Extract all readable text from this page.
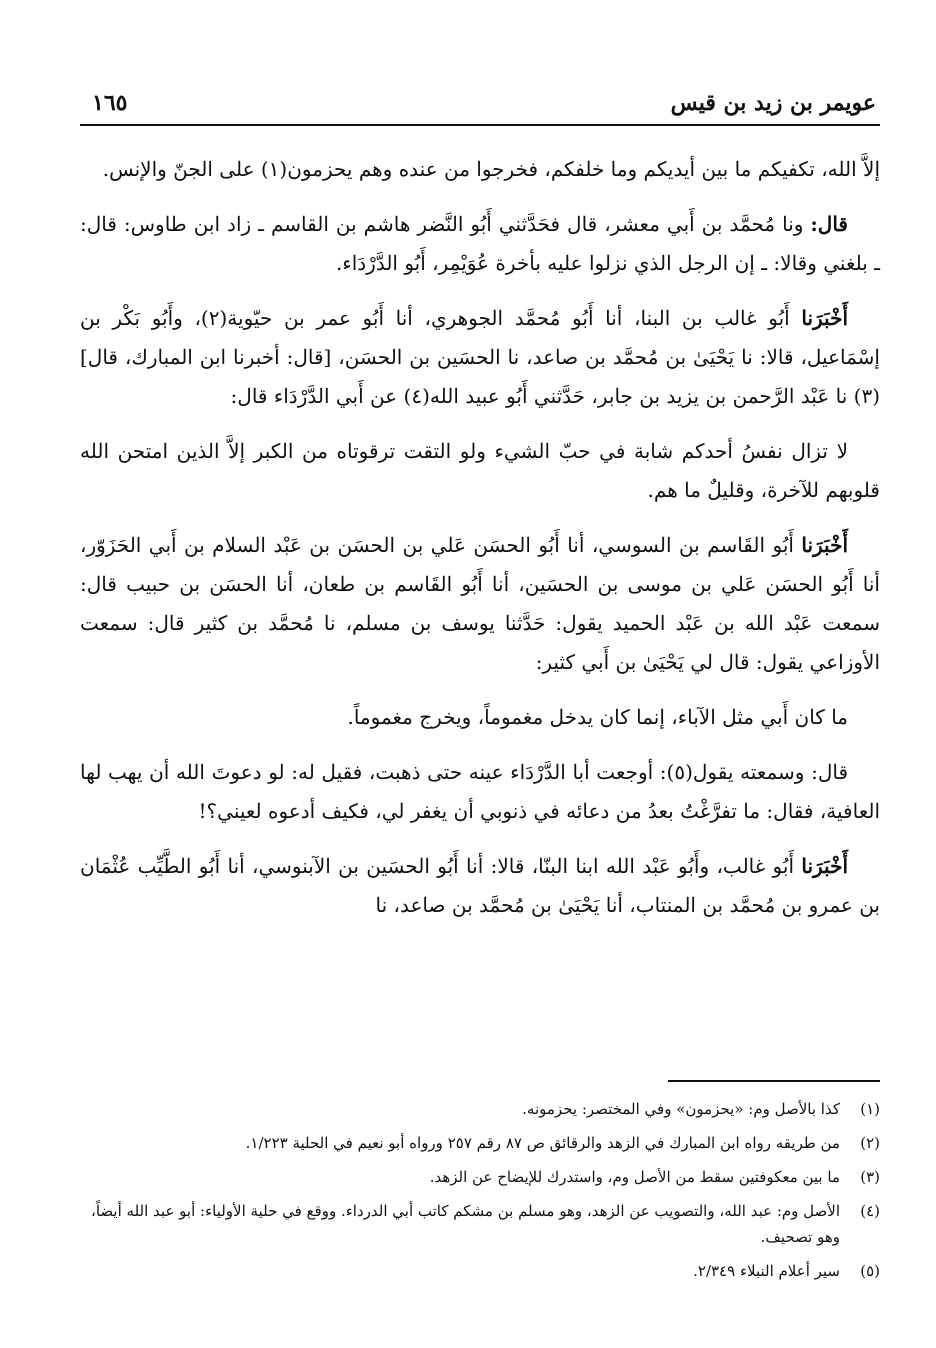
عويمر بن زيد بن قيس
١٦٥

إلاَّ الله، تكفيكم ما بين أيديكم وما خلفكم، فخرجوا من عنده وهم يحزمون(١) على الجنّ والإنس.

قال: ونا مُحمَّد بن أَبي معشر، قال فحَدَّثني أَبُو النَّضر هاشم بن القاسم ـ زاد ابن طاوس: قال: ـ بلغني وقالا: ـ إن الرجل الذي نزلوا عليه بأخرة عُوَيْمِر، أَبُو الدَّرْدَاء.

أَخْبَرَنا أَبُو غالب بن البنا، أنا أَبُو مُحمَّد الجوهري، أنا أَبُو عمر بن حيّوية(٢)، وأَبُو بَكْر بن إسْمَاعيل، قالا: نا يَحْيَىٰ بن مُحمَّد بن صاعد، نا الحسَين بن الحسَن، [قال: أخبرنا ابن المبارك، قال](٣) نا عَبْد الرَّحمن بن يزيد بن جابر، حَدَّثني أَبُو عبيد الله(٤) عن أَبي الدَّرْدَاء قال:

لا تزال نفسُ أحدكم شابة في حبّ الشيء ولو التقت ترقوتاه من الكبر إلاَّ الذين امتحن الله قلوبهم للآخرة، وقليلٌ ما هم.

أَخْبَرَنا أَبُو القَاسم بن السوسي، أنا أَبُو الحسَن عَلي بن الحسَن بن عَبْد السلام بن أَبي الحَزَوّر، أنا أَبُو الحسَن عَلي بن موسى بن الحسَين، أنا أَبُو القَاسم بن طعان، أنا الحسَن بن حبيب قال: سمعت عَبْد الله بن عَبْد الحميد يقول: حَدَّثنا يوسف بن مسلم، نا مُحمَّد بن كثير قال: سمعت الأوزاعي يقول: قال لي يَحْيَىٰ بن أَبي كثير:

ما كان أَبي مثل الآباء، إنما كان يدخل مغموماً، ويخرج مغموماً.

قال: وسمعته يقول(٥): أوجعت أبا الدَّرْدَاء عينه حتى ذهبت، فقيل له: لو دعوتَ الله أن يهب لها العافية، فقال: ما تفرَّغْتُ بعدُ من دعائه في ذنوبي أن يغفر لي، فكيف أدعوه لعيني؟!

أَخْبَرَنا أَبُو غالب، وأَبُو عَبْد الله ابنا البنّا، قالا: أنا أَبُو الحسَين بن الآبنوسي، أنا أَبُو الطَّيِّب عُثْمَان بن عمرو بن مُحمَّد بن المنتاب، أنا يَحْيَىٰ بن مُحمَّد بن صاعد، نا

(١)
كذا بالأصل وم: «يحزمون» وفي المختصر: يحزمونه.
(٢)
من طريقه رواه ابن المبارك في الزهد والرقائق ص ٨٧ رقم ٢٥٧ ورواه أبو نعيم في الحلية ١/٢٢٣.
(٣)
ما بين معكوفتين سقط من الأصل وم، واستدرك للإيضاح عن الزهد.
(٤)
الأصل وم: عبد الله، والتصويب عن الزهد، وهو مسلم بن مشكم كاتب أبي الدرداء. ووقع في حلية الأولياء: أبو عبد الله أيضاً، وهو تصحيف.
(٥)
سير أعلام النبلاء ٢/٣٤٩.
